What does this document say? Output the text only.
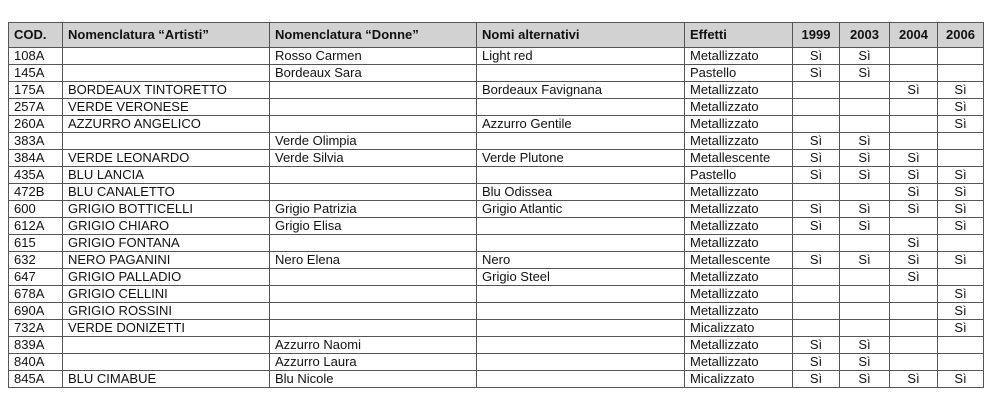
COD.	Nomenclatura “Artisti”	Nomenclatura “Donne”	Nomi alternativi	Effetti	1999	2003	2004	2006
108A		Rosso Carmen	Light red	Metallizzato	Sì	Sì		
145A		Bordeaux Sara		Pastello	Sì	Sì		
175A	BORDEAUX TINTORETTO		Bordeaux Favignana	Metallizzato			Sì	Sì
257A	VERDE VERONESE			Metallizzato				Sì
260A	AZZURRO ANGELICO		Azzurro Gentile	Metallizzato				Sì
383A		Verde Olimpia		Metallizzato	Sì	Sì		
384A	VERDE LEONARDO	Verde Silvia	Verde Plutone	Metallescente	Sì	Sì	Sì	
435A	BLU LANCIA			Pastello	Sì	Sì	Sì	Sì
472B	BLU CANALETTO		Blu Odissea	Metallizzato			Sì	Sì
600	GRIGIO BOTTICELLI	Grigio Patrizia	Grigio Atlantic	Metallizzato	Sì	Sì	Sì	Sì
612A	GRIGIO CHIARO	Grigio Elisa		Metallizzato	Sì	Sì		Sì
615	GRIGIO FONTANA			Metallizzato			Sì	
632	NERO PAGANINI	Nero Elena	Nero	Metallescente	Sì	Sì	Sì	Sì
647	GRIGIO PALLADIO		Grigio Steel	Metallizzato			Sì	
678A	GRIGIO CELLINI			Metallizzato				Sì
690A	GRIGIO ROSSINI			Metallizzato				Sì
732A	VERDE DONIZETTI			Micalizzato				Sì
839A		Azzurro Naomi		Metallizzato	Sì	Sì		
840A		Azzurro Laura		Metallizzato	Sì	Sì		
845A	BLU CIMABUE	Blu Nicole		Micalizzato	Sì	Sì	Sì	Sì
